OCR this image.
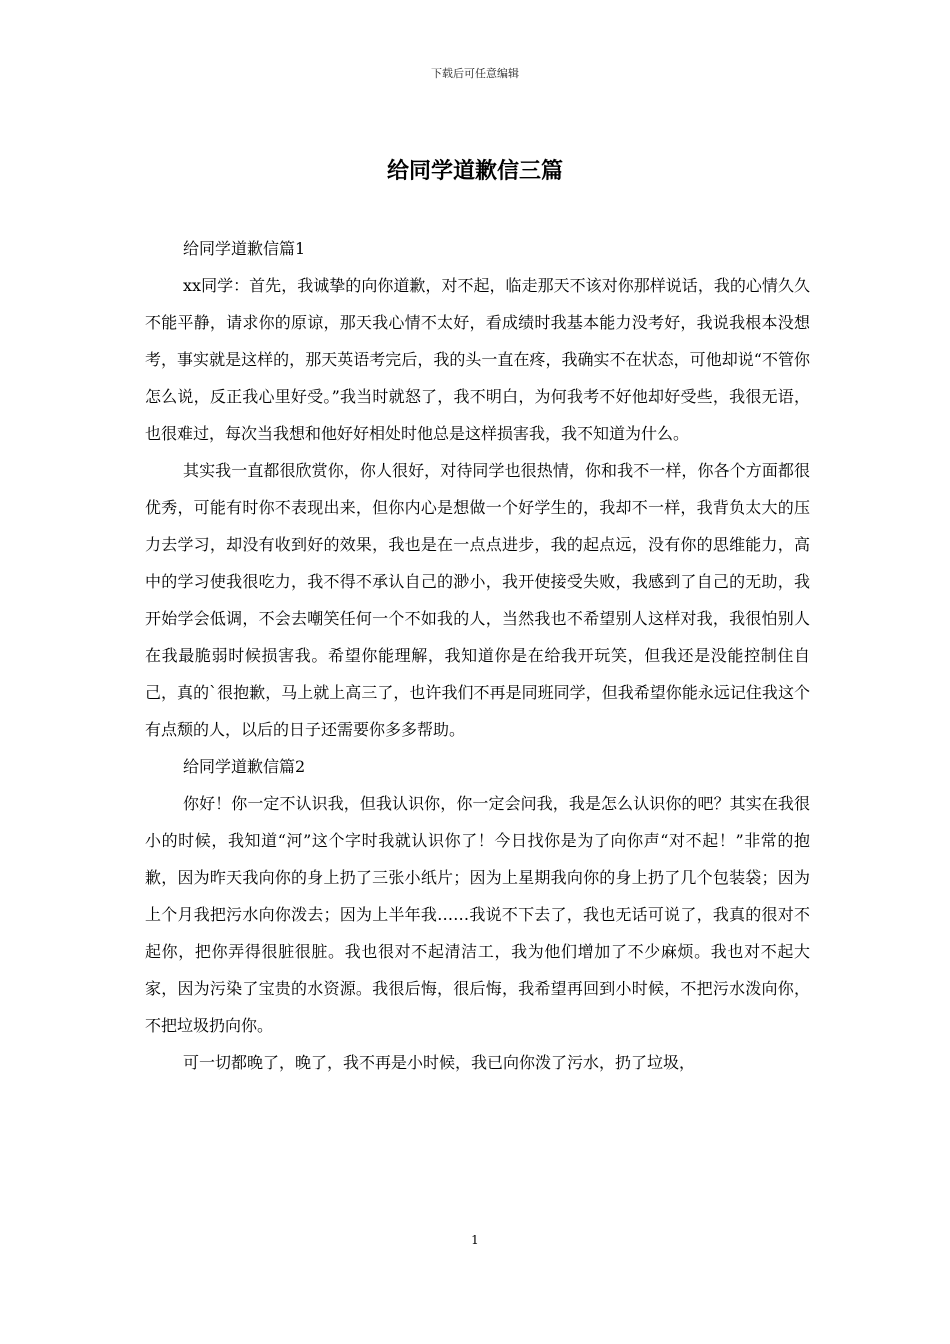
下载后可任意编辑
给同学道歉信三篇

给同学道歉信篇1

xx同学：首先，我诚挚的向你道歉，对不起，临走那天不该对你那样说话，我的心情久久不能平静，请求你的原谅，那天我心情不太好，看成绩时我基本能力没考好，我说我根本没想考，事实就是这样的，那天英语考完后，我的头一直在疼，我确实不在状态，可他却说“不管你怎么说，反正我心里好受。”我当时就怒了，我不明白，为何我考不好他却好受些，我很无语，也很难过，每次当我想和他好好相处时他总是这样损害我，我不知道为什么。

其实我一直都很欣赏你，你人很好，对待同学也很热情，你和我不一样，你各个方面都很优秀，可能有时你不表现出来，但你内心是想做一个好学生的，我却不一样，我背负太大的压力去学习，却没有收到好的效果，我也是在一点点进步，我的起点远，没有你的思维能力，高中的学习使我很吃力，我不得不承认自己的渺小，我开使接受失败，我感到了自己的无助，我开始学会低调，不会去嘲笑任何一个不如我的人，当然我也不希望别人这样对我，我很怕别人在我最脆弱时候损害我。希望你能理解，我知道你是在给我开玩笑，但我还是没能控制住自己，真的`很抱歉，马上就上高三了，也许我们不再是同班同学，但我希望你能永远记住我这个有点颓的人，以后的日子还需要你多多帮助。

给同学道歉信篇2

你好！你一定不认识我，但我认识你，你一定会问我，我是怎么认识你的吧？其实在我很小的时候，我知道“河”这个字时我就认识你了！今日找你是为了向你声“对不起！”非常的抱歉，因为昨天我向你的身上扔了三张小纸片；因为上星期我向你的身上扔了几个包装袋；因为上个月我把污水向你泼去；因为上半年我……我说不下去了，我也无话可说了，我真的很对不起你，把你弄得很脏很脏。我也很对不起清洁工，我为他们增加了不少麻烦。我也对不起大家，因为污染了宝贵的水资源。我很后悔，很后悔，我希望再回到小时候，不把污水泼向你，不把垃圾扔向你。

可一切都晚了，晚了，我不再是小时候，我已向你泼了污水，扔了垃圾，

1
